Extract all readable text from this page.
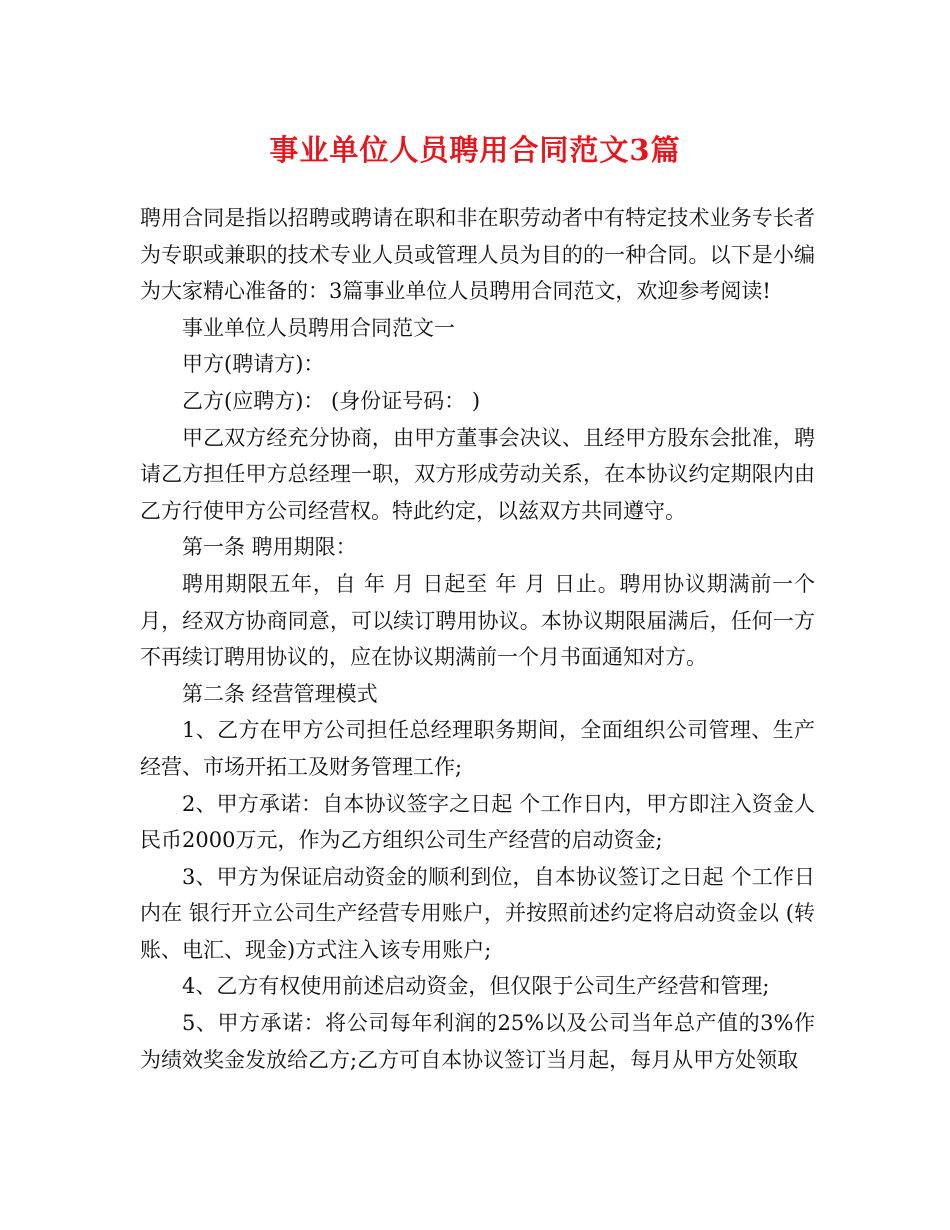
事业单位人员聘用合同范文3篇

聘用合同是指以招聘或聘请在职和非在职劳动者中有特定技术业务专长者为专职或兼职的技术专业人员或管理人员为目的的一种合同。以下是小编为大家精心准备的：3篇事业单位人员聘用合同范文，欢迎参考阅读!

事业单位人员聘用合同范文一

甲方(聘请方)：

乙方(应聘方)： (身份证号码： )

甲乙双方经充分协商，由甲方董事会决议、且经甲方股东会批准，聘请乙方担任甲方总经理一职，双方形成劳动关系，在本协议约定期限内由乙方行使甲方公司经营权。特此约定，以兹双方共同遵守。

第一条 聘用期限：

聘用期限五年，自 年 月 日起至 年 月 日止。聘用协议期满前一个月，经双方协商同意，可以续订聘用协议。本协议期限届满后，任何一方不再续订聘用协议的，应在协议期满前一个月书面通知对方。

第二条 经营管理模式

1、乙方在甲方公司担任总经理职务期间，全面组织公司管理、生产经营、市场开拓工及财务管理工作;

2、甲方承诺：自本协议签字之日起 个工作日内，甲方即注入资金人民币2000万元，作为乙方组织公司生产经营的启动资金;

3、甲方为保证启动资金的顺利到位，自本协议签订之日起 个工作日内在 银行开立公司生产经营专用账户，并按照前述约定将启动资金以 (转账、电汇、现金)方式注入该专用账户;

4、乙方有权使用前述启动资金，但仅限于公司生产经营和管理;

5、甲方承诺：将公司每年利润的25%以及公司当年总产值的3%作为绩效奖金发放给乙方;乙方可自本协议签订当月起，每月从甲方处领取
